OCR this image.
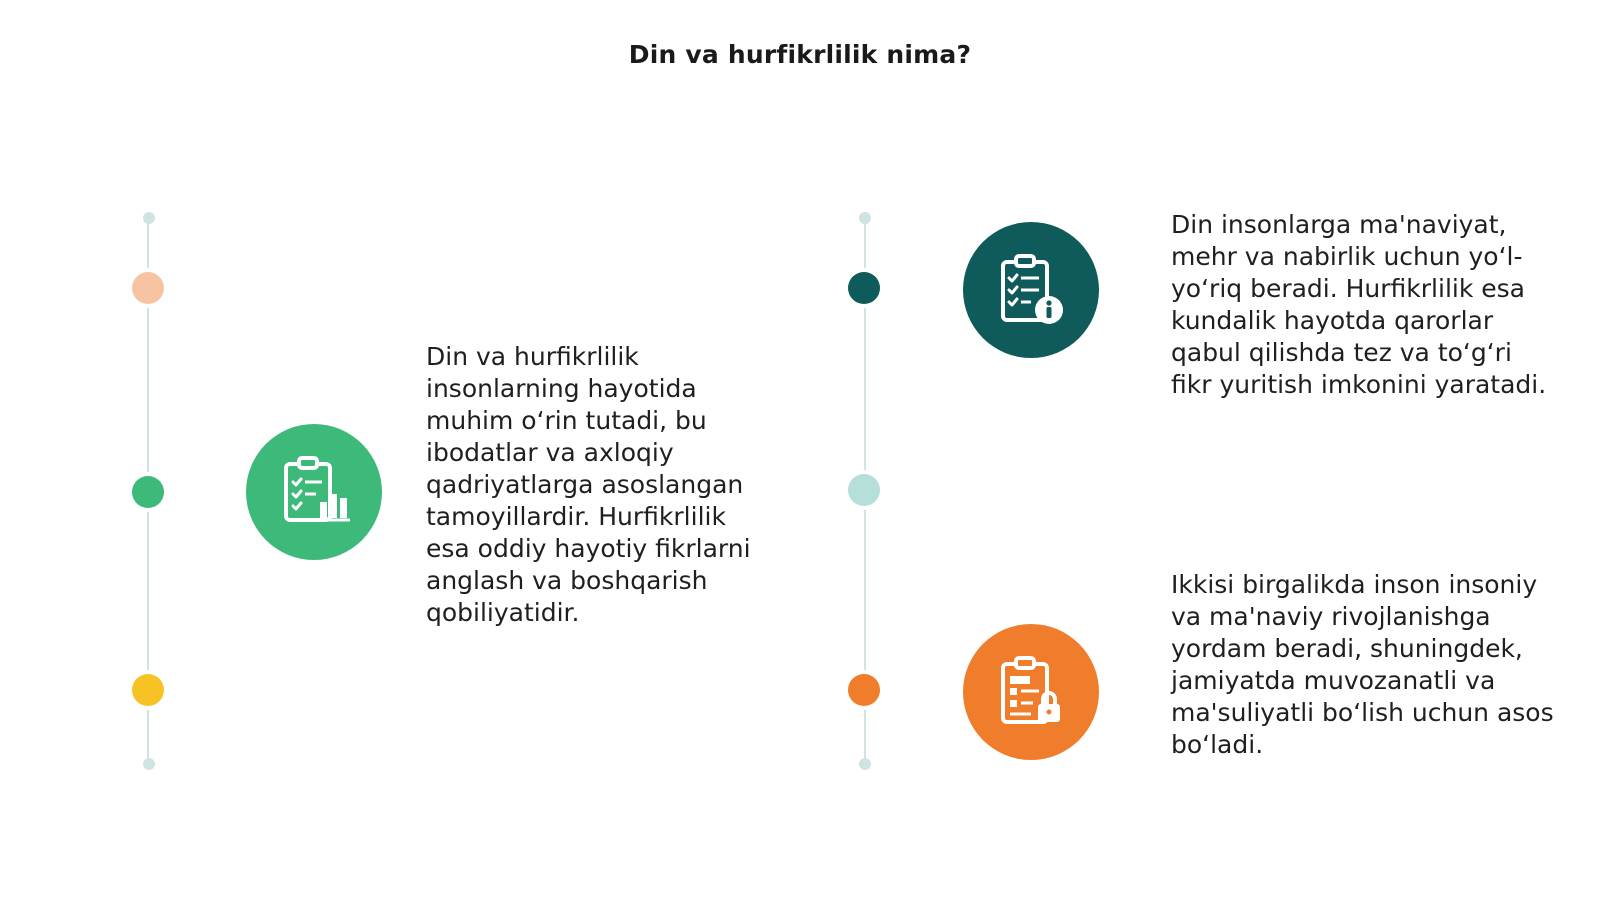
Din va hurfikrlilik nima?
Din va hurfikrlilik insonlarning hayotida muhim o‘rin tutadi, bu ibodatlar va axloqiy qadriyatlarga asoslangan tamoyillardir. Hurfikrlilik esa oddiy hayotiy fikrlarni anglash va boshqarish qobiliyatidir.
Din insonlarga ma'naviyat, mehr va nabirlik uchun yo‘l-yo‘riq beradi. Hurfikrlilik esa kundalik hayotda qarorlar qabul qilishda tez va to‘g‘ri fikr yuritish imkonini yaratadi.
Ikkisi birgalikda inson insoniy va ma'naviy rivojlanishga yordam beradi, shuningdek, jamiyatda muvozanatli va ma'suliyatli bo‘lish uchun asos bo‘ladi.
